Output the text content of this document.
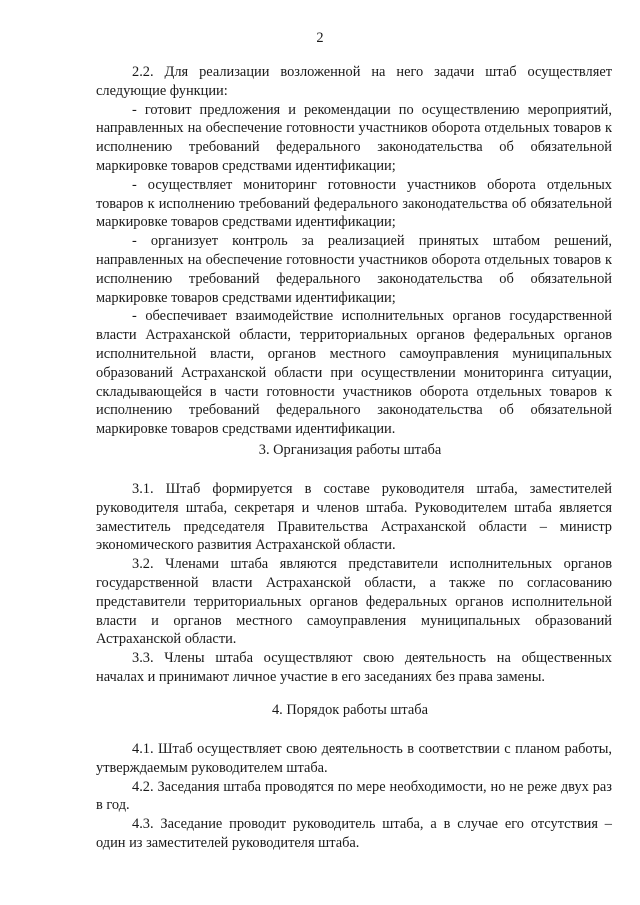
2

2.2. Для реализации возложенной на него задачи штаб осуществляет следующие функции:

- готовит предложения и рекомендации по осуществлению мероприятий, направленных на обеспечение готовности участников оборота отдельных товаров к исполнению требований федерального законодательства об обязательной маркировке товаров средствами идентификации;

- осуществляет мониторинг готовности участников оборота отдельных товаров к исполнению требований федерального законодательства об обязательной маркировке товаров средствами идентификации;

- организует контроль за реализацией принятых штабом решений, направленных на обеспечение готовности участников оборота отдельных товаров к исполнению требований федерального законодательства об обязательной маркировке товаров средствами идентификации;

- обеспечивает взаимодействие исполнительных органов государственной власти Астраханской области, территориальных органов федеральных органов исполнительной власти, органов местного самоуправления муниципальных образований Астраханской области при осуществлении мониторинга ситуации, складывающейся в части готовности участников оборота отдельных товаров к исполнению требований федерального законодательства об обязательной маркировке товаров средствами идентификации.

3. Организация работы штаба

3.1. Штаб формируется в составе руководителя штаба, заместителей руководителя штаба, секретаря и членов штаба. Руководителем штаба является заместитель председателя Правительства Астраханской области – министр экономического развития Астраханской области.

3.2. Членами штаба являются представители исполнительных органов государственной власти Астраханской области, а также по согласованию представители территориальных органов федеральных органов исполнительной власти и органов местного самоуправления муниципальных образований Астраханской области.

3.3. Члены штаба осуществляют свою деятельность на общественных началах и принимают личное участие в его заседаниях без права замены.

4. Порядок работы штаба

4.1. Штаб осуществляет свою деятельность в соответствии с планом работы, утверждаемым руководителем штаба.

4.2. Заседания штаба проводятся по мере необходимости, но не реже двух раз в год.

4.3. Заседание проводит руководитель штаба, а в случае его отсутствия – один из заместителей руководителя штаба.
